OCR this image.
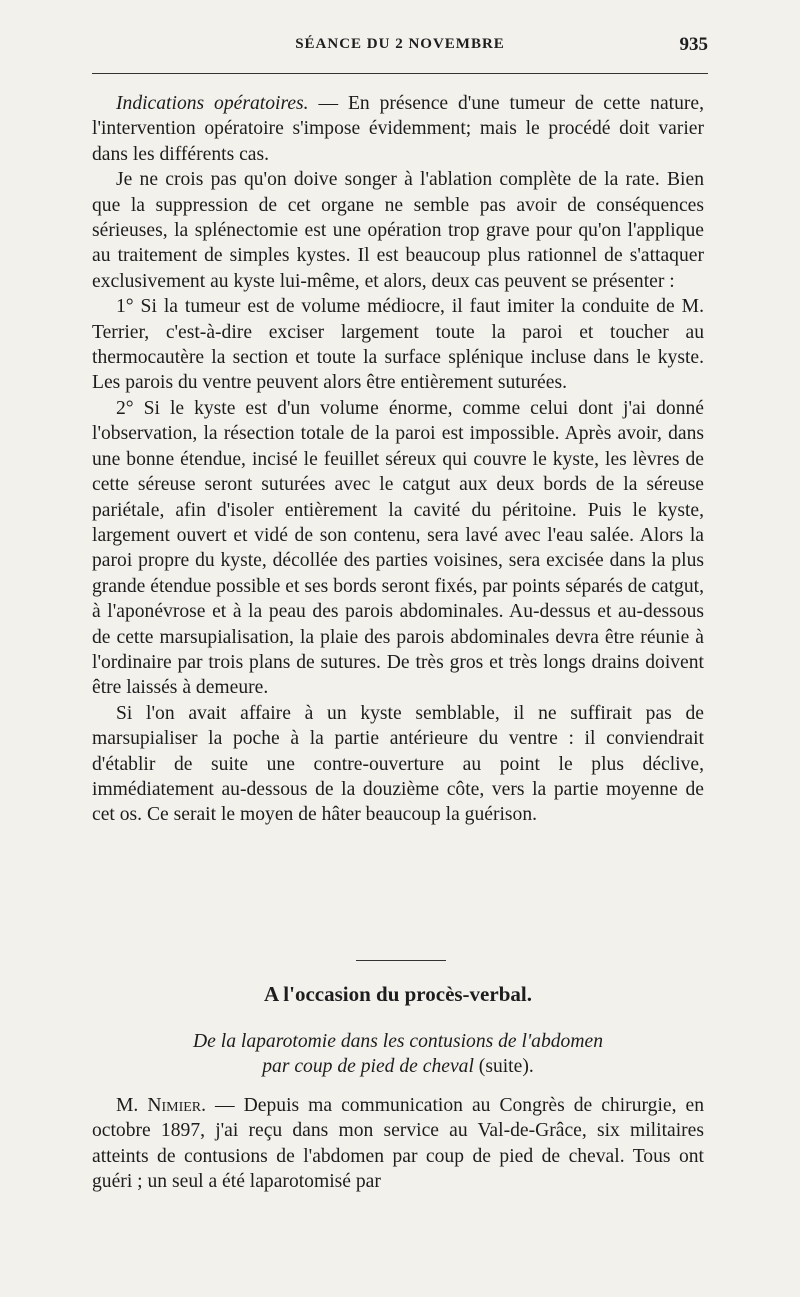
SÉANCE DU 2 NOVEMBRE	935

Indications opératoires. — En présence d'une tumeur de cette nature, l'intervention opératoire s'impose évidemment; mais le procédé doit varier dans les différents cas.

Je ne crois pas qu'on doive songer à l'ablation complète de la rate. Bien que la suppression de cet organe ne semble pas avoir de conséquences sérieuses, la splénectomie est une opération trop grave pour qu'on l'applique au traitement de simples kystes. Il est beaucoup plus rationnel de s'attaquer exclusivement au kyste lui-même, et alors, deux cas peuvent se présenter :

1° Si la tumeur est de volume médiocre, il faut imiter la conduite de M. Terrier, c'est-à-dire exciser largement toute la paroi et toucher au thermocautère la section et toute la surface splénique incluse dans le kyste. Les parois du ventre peuvent alors être entièrement suturées.

2° Si le kyste est d'un volume énorme, comme celui dont j'ai donné l'observation, la résection totale de la paroi est impossible. Après avoir, dans une bonne étendue, incisé le feuillet séreux qui couvre le kyste, les lèvres de cette séreuse seront suturées avec le catgut aux deux bords de la séreuse pariétale, afin d'isoler entièrement la cavité du péritoine. Puis le kyste, largement ouvert et vidé de son contenu, sera lavé avec l'eau salée. Alors la paroi propre du kyste, décollée des parties voisines, sera excisée dans la plus grande étendue possible et ses bords seront fixés, par points séparés de catgut, à l'aponévrose et à la peau des parois abdominales. Au-dessus et au-dessous de cette marsupialisation, la plaie des parois abdominales devra être réunie à l'ordinaire par trois plans de sutures. De très gros et très longs drains doivent être laissés à demeure.

Si l'on avait affaire à un kyste semblable, il ne suffirait pas de marsupialiser la poche à la partie antérieure du ventre : il conviendrait d'établir de suite une contre-ouverture au point le plus déclive, immédiatement au-dessous de la douzième côte, vers la partie moyenne de cet os. Ce serait le moyen de hâter beaucoup la guérison.

A l'occasion du procès-verbal.
De la laparotomie dans les contusions de l'abdomen
par coup de pied de cheval (suite).

M. Nimier. — Depuis ma communication au Congrès de chirurgie, en octobre 1897, j'ai reçu dans mon service au Val-de-Grâce, six militaires atteints de contusions de l'abdomen par coup de pied de cheval. Tous ont guéri ; un seul a été laparotomisé par
